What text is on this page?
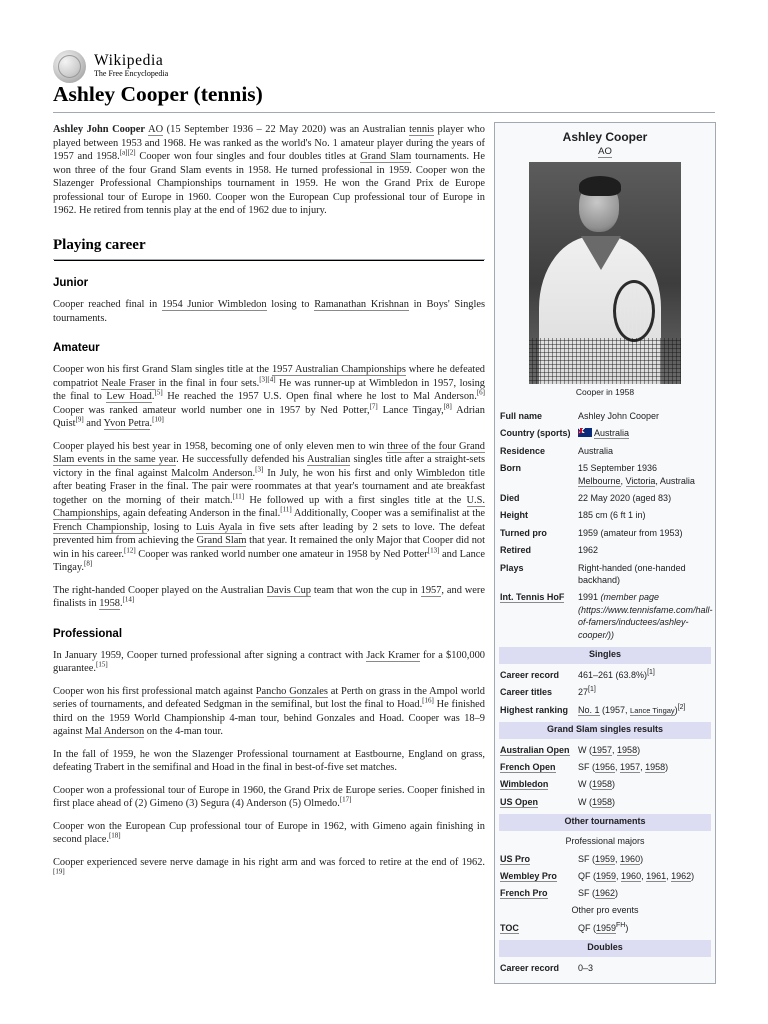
Wikipedia
The Free Encyclopedia
Ashley Cooper (tennis)

Ashley John Cooper AO (15 September 1936 – 22 May 2020) was an Australian tennis player who played between 1953 and 1968. He was ranked as the world's No. 1 amateur player during the years of 1957 and 1958.[a][2] Cooper won four singles and four doubles titles at Grand Slam tournaments. He won three of the four Grand Slam events in 1958. He turned professional in 1959. Cooper won the Slazenger Professional Championships tournament in 1959. He won the Grand Prix de Europe professional tour of Europe in 1960. Cooper won the European Cup professional tour of Europe in 1962. He retired from tennis play at the end of 1962 due to injury.

Playing career
Junior

Cooper reached final in 1954 Junior Wimbledon losing to Ramanathan Krishnan in Boys' Singles tournaments.

Amateur

Cooper won his first Grand Slam singles title at the 1957 Australian Championships where he defeated compatriot Neale Fraser in the final in four sets.[3][4] He was runner-up at Wimbledon in 1957, losing the final to Lew Hoad.[5] He reached the 1957 U.S. Open final where he lost to Mal Anderson.[6] Cooper was ranked amateur world number one in 1957 by Ned Potter,[7] Lance Tingay,[8] Adrian Quist[9] and Yvon Petra.[10]

Cooper played his best year in 1958, becoming one of only eleven men to win three of the four Grand Slam events in the same year. He successfully defended his Australian singles title after a straight-sets victory in the final against Malcolm Anderson.[3] In July, he won his first and only Wimbledon title after beating Fraser in the final. The pair were roommates at that year's tournament and ate breakfast together on the morning of their match.[11] He followed up with a first singles title at the U.S. Championships, again defeating Anderson in the final.[11] Additionally, Cooper was a semifinalist at the French Championship, losing to Luis Ayala in five sets after leading by 2 sets to love. The defeat prevented him from achieving the Grand Slam that year. It remained the only Major that Cooper did not win in his career.[12] Cooper was ranked world number one amateur in 1958 by Ned Potter[13] and Lance Tingay.[8]

The right-handed Cooper played on the Australian Davis Cup team that won the cup in 1957, and were finalists in 1958.[14]

Professional

In January 1959, Cooper turned professional after signing a contract with Jack Kramer for a $100,000 guarantee.[15]

Cooper won his first professional match against Pancho Gonzales at Perth on grass in the Ampol world series of tournaments, and defeated Sedgman in the semifinal, but lost the final to Hoad.[16] He finished third on the 1959 World Championship 4-man tour, behind Gonzales and Hoad. Cooper was 18–9 against Mal Anderson on the 4-man tour.

In the fall of 1959, he won the Slazenger Professional tournament at Eastbourne, England on grass, defeating Trabert in the semifinal and Hoad in the final in best-of-five set matches.

Cooper won a professional tour of Europe in 1960, the Grand Prix de Europe series. Cooper finished in first place ahead of (2) Gimeno (3) Segura (4) Anderson (5) Olmedo.[17]

Cooper won the European Cup professional tour of Europe in 1962, with Gimeno again finishing in second place.[18]

Cooper experienced severe nerve damage in his right arm and was forced to retire at the end of 1962.[19]

Ashley Cooper
AO
Cooper in 1958
Full name	Ashley John Cooper
Country (sports)	Australia
Residence	Australia
Born	15 September 1936
Melbourne, Victoria, Australia
Died	22 May 2020 (aged 83)
Height	185 cm (6 ft 1 in)
Turned pro	1959 (amateur from 1953)
Retired	1962
Plays	Right-handed (one-handed backhand)
Int. Tennis HoF	1991 (member page (https://www.tennisfame.com/hall-of-famers/inductees/ashley-cooper/))
Singles
Career record	461–261 (63.8%)[1]
Career titles	27[1]
Highest ranking	No. 1 (1957, Lance Tingay)[2]
Grand Slam singles results
Australian Open W (1957, 1958)
French Open	SF (1956, 1957, 1958)
Wimbledon	W (1958)
US Open	W (1958)
Other tournaments
Professional majors
US Pro	SF (1959, 1960)
Wembley Pro	QF (1959, 1960, 1961, 1962)
French Pro	SF (1962)
Other pro events
TOC	QF (1959$^{FH}$)
Doubles
Career record	0–3
